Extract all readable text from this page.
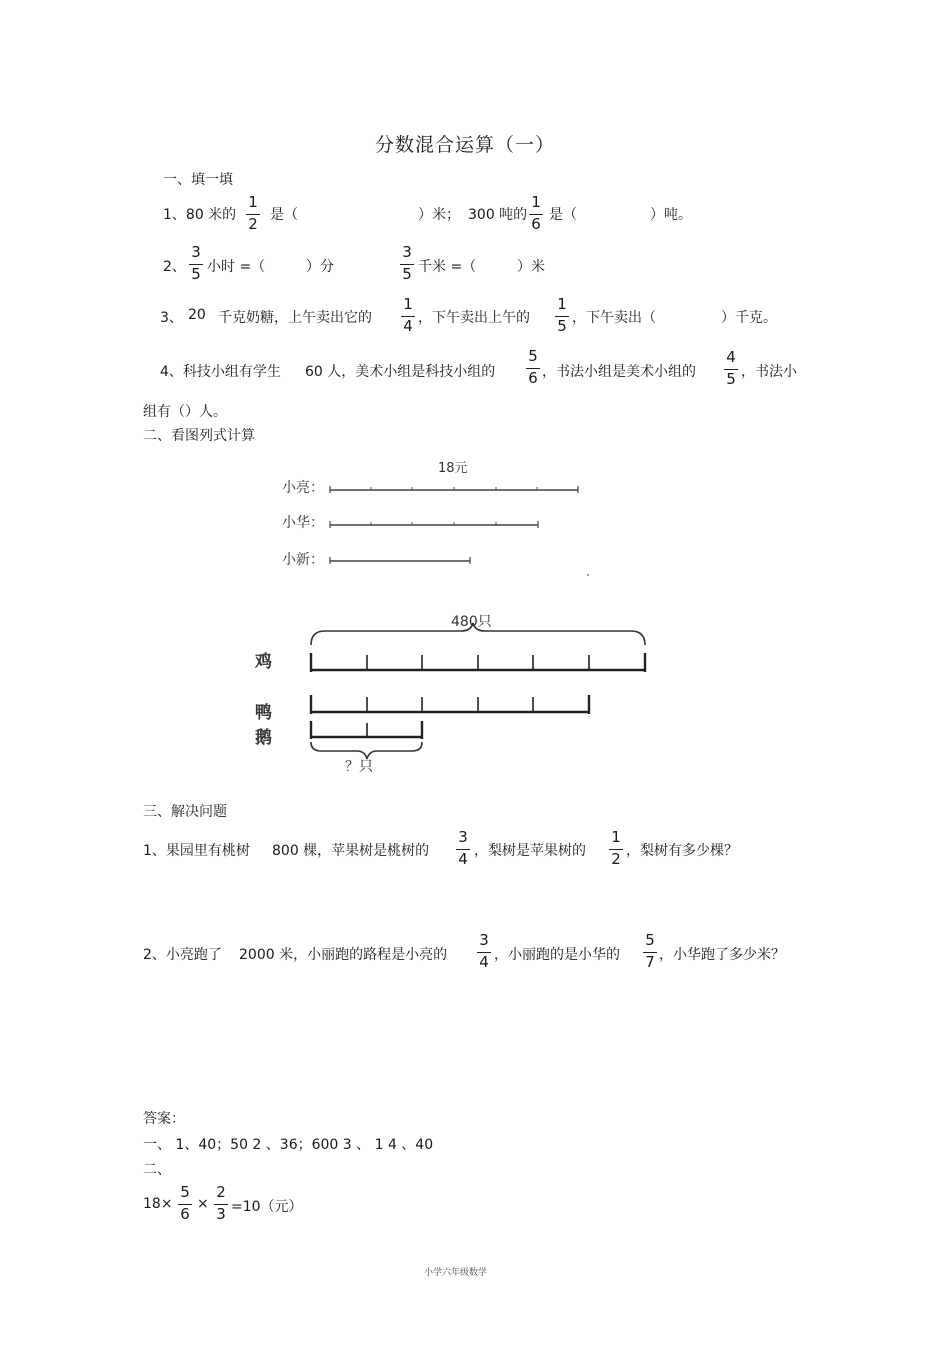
分数混合运算（一）
一、填一填
1、80 米的
1
2 是（	）米； 300 吨的
1
6 是（	）吨。
2、
3
5 小时 =（	）分
3
5 千米 =（	）米
3、 20 千克奶糖，上午卖出它的
1
4 ，下午卖出上午的
1
5 ，下午卖出（	）千克。
4、科技小组有学生 60 人，美术小组是科技小组的
5
6 ，书法小组是美术小组的
4
5 ，书法小
组有（）人。
二、看图列式计算
18元
小亮：
小华：
小新：
480只
鸡
鸭
鹅
？只
三、解决问题
1、果园里有桃树 800 棵，苹果树是桃树的
3
4 ，梨树是苹果树的
1
2 ，梨树有多少棵？
2、小亮跑了 2000 米，小丽跑的路程是小亮的
3
4 ，小丽跑的是小华的
5
7 ，小华跑了多少米？
答案：
一、 1、40；50 2 、36；600 3 、 1 4 、40
二、
18×
5
6
×
2
3 =10（元）
小学六年级数学
